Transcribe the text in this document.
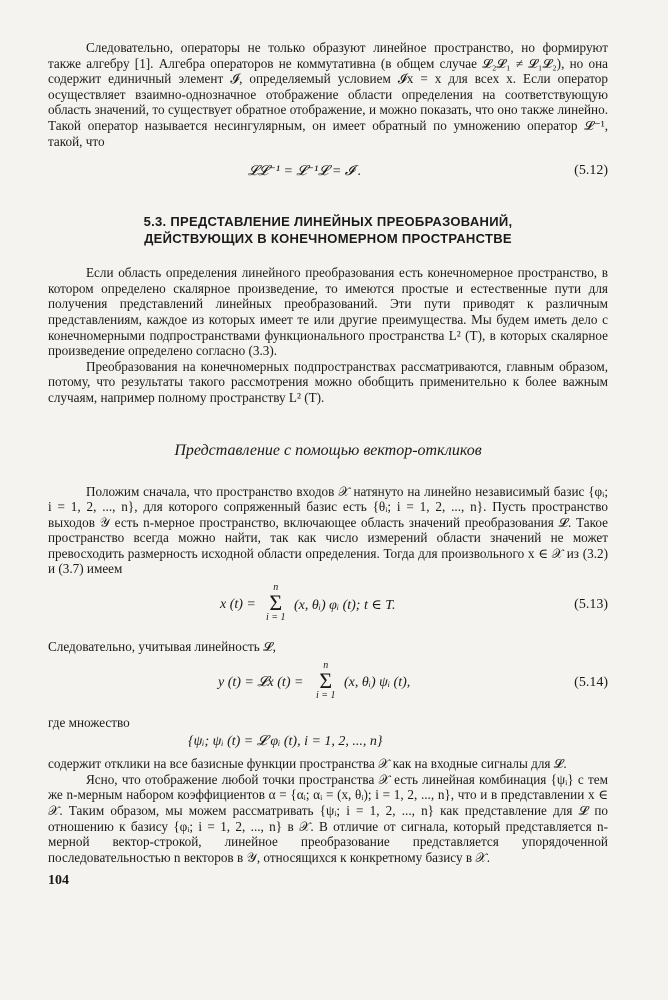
Следовательно, операторы не только образуют линейное пространство, но формируют также алгебру [1]. Алгебра операторов не коммутативна (в общем случае 𝓛₂𝓛₁ ≠ 𝓛₁𝓛₂), но она содержит единичный элемент 𝓘, определяемый условием 𝓘x = x для всех x. Если оператор осуществляет взаимно-однозначное отображение области определения на соответствующую область значений, то существует обратное отображение, и можно показать, что оно также линейно. Такой оператор называется несингулярным, он имеет обратный по умножению оператор 𝓛⁻¹, такой, что

𝓛𝓛⁻¹ = 𝓛⁻¹𝓛 = 𝓘 .	(5.12)
5.3. ПРЕДСТАВЛЕНИЕ ЛИНЕЙНЫХ ПРЕОБРАЗОВАНИЙ,
ДЕЙСТВУЮЩИХ В КОНЕЧНОМЕРНОМ ПРОСТРАНСТВЕ

Если область определения линейного преобразования есть конечномерное пространство, в котором определено скалярное произведение, то имеются простые и естественные пути для получения представлений линейных преобразований. Эти пути приводят к различным представлениям, каждое из которых имеет те или другие преимущества. Мы будем иметь дело с конечномерными подпространствами функционального пространства L² (T), в которых скалярное произведение определено согласно (3.3).

Преобразования на конечномерных подпространствах рассматриваются, главным образом, потому, что результаты такого рассмотрения можно обобщить применительно к более важным случаям, например полному пространству L² (T).

Представление с помощью вектор-откликов

Положим сначала, что пространство входов 𝒳 натянуто на линейно независимый базис {φᵢ; i = 1, 2, ..., n}, для которого сопряженный базис есть {θᵢ; i = 1, 2, ..., n}. Пусть пространство выходов 𝒴 есть n-мерное пространство, включающее область значений преобразования 𝓛. Такое пространство всегда можно найти, так как число измерений области значений не может превосходить размерность исходной области определения. Тогда для произвольного x ∈ 𝒳 из (3.2) и (3.7) имеем

x (t) =
n
Σ
i = 1
(x, θᵢ) φᵢ (t); t ∈ T.	(5.13)

Следовательно, учитывая линейность 𝓛,

y (t) = 𝓛x (t) =
n
Σ
i = 1
(x, θᵢ) ψᵢ (t),	(5.14)

где множество

{ψᵢ; ψᵢ (t) = 𝓛 φᵢ (t), i = 1, 2, ..., n}

содержит отклики на все базисные функции пространства 𝒳 как на входные сигналы для 𝓛.

Ясно, что отображение любой точки пространства 𝒳 есть линейная комбинация {ψᵢ} с тем же n-мерным набором коэффициентов α = {αᵢ; αᵢ = (x, θᵢ); i = 1, 2, ..., n}, что и в представлении x ∈ 𝒳. Таким образом, мы можем рассматривать {ψᵢ; i = 1, 2, ..., n} как представление для 𝓛 по отношению к базису {φᵢ; i = 1, 2, ..., n} в 𝒳. В отличие от сигнала, который представляется n-мерной вектор-строкой, линейное преобразование представляется упорядоченной последовательностью n векторов в 𝒴, относящихся к конкретному базису в 𝒳.

104
